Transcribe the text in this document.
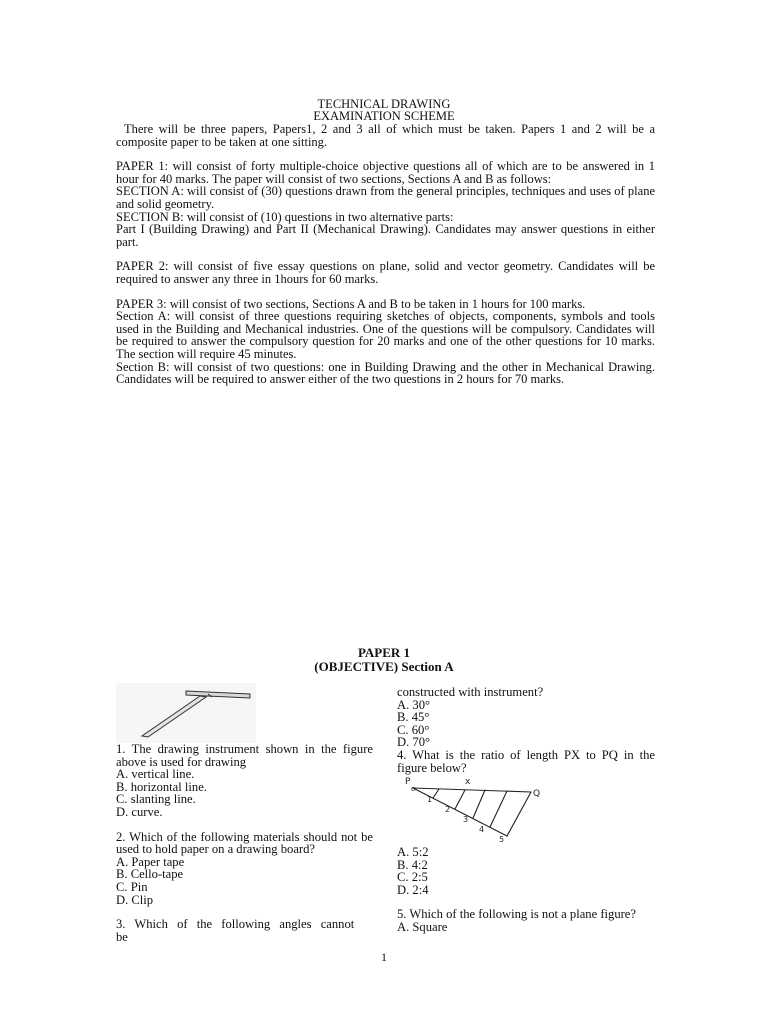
TECHNICAL DRAWING
EXAMINATION SCHEME

There will be three papers, Papers1, 2 and 3 all of which must be taken. Papers 1 and 2 will be a composite paper to be taken at one sitting.

PAPER 1: will consist of forty multiple-choice objective questions all of which are to be answered in 1 hour for 40 marks. The paper will consist of two sections, Sections A and B as follows:

SECTION A: will consist of (30) questions drawn from the general principles, techniques and uses of plane and solid geometry.

SECTION B: will consist of (10) questions in two alternative parts:

Part I (Building Drawing) and Part II (Mechanical Drawing). Candidates may answer questions in either part.

PAPER 2: will consist of five essay questions on plane, solid and vector geometry. Candidates will be required to answer any three in 1hours for 60 marks.

PAPER 3: will consist of two sections, Sections A and B to be taken in 1 hours for 100 marks.

Section A: will consist of three questions requiring sketches of objects, components, symbols and tools used in the Building and Mechanical industries. One of the questions will be compulsory. Candidates will be required to answer the compulsory question for 20 marks and one of the other questions for 10 marks. The section will require 45 minutes.

Section B: will consist of two questions: one in Building Drawing and the other in Mechanical Drawing. Candidates will be required to answer either of the two questions in 2 hours for 70 marks.

PAPER 1
(OBJECTIVE) Section A

1. The drawing instrument shown in the figure above is used for drawing

A. vertical line.

B. horizontal line.

C. slanting line.

D. curve.

2. Which of the following materials should not be used to hold paper on a drawing board?

A. Paper tape

B. Cello-tape

C. Pin

D. Clip

3. Which of the following angles cannot be

constructed with instrument?

A. 30°

B. 45°

C. 60°

D. 70°

4. What is the ratio of length PX to PQ in the figure below?

P
o
x
Q
1
2
3
4
5

A. 5:2

B. 4:2

C. 2:5

D. 2:4

5. Which of the following is not a plane figure?

A. Square

1
